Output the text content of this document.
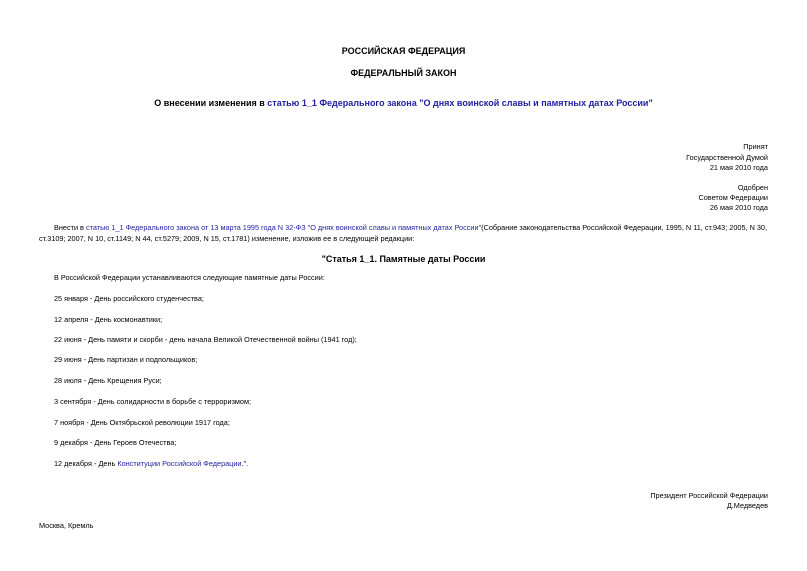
РОССИЙСКАЯ ФЕДЕРАЦИЯ
ФЕДЕРАЛЬНЫЙ ЗАКОН
О внесении изменения в статью 1_1 Федерального закона "О днях воинской славы и памятных датах России"
Принят
Государственной Думой
21 мая 2010 года
Одобрен
Советом Федерации
26 мая 2010 года
Внести в статью 1_1 Федерального закона от 13 марта 1995 года N 32-ФЗ "О днях воинской славы и памятных датах России"(Собрание законодательства Российской Федерации, 1995, N 11, ст.943; 2005, N 30, ст.3109; 2007, N 10, ст.1149; N 44, ст.5279; 2009, N 15, ст.1781) изменение, изложив ее в следующей редакции:
"Статья 1_1. Памятные даты России
В Российской Федерации устанавливаются следующие памятные даты России:
25 января - День российского студенчества;
12 апреля - День космонавтики;
22 июня - День памяти и скорби - день начала Великой Отечественной войны (1941 год);
29 июня - День партизан и подпольщиков;
28 июля - День Крещения Руси;
3 сентября - День солидарности в борьбе с терроризмом;
7 ноября - День Октябрьской революции 1917 года;
9 декабря - День Героев Отечества;
12 декабря - День Конституции Российской Федерации.".
Президент Российской Федерации
Д.Медведев
Москва, Кремль
